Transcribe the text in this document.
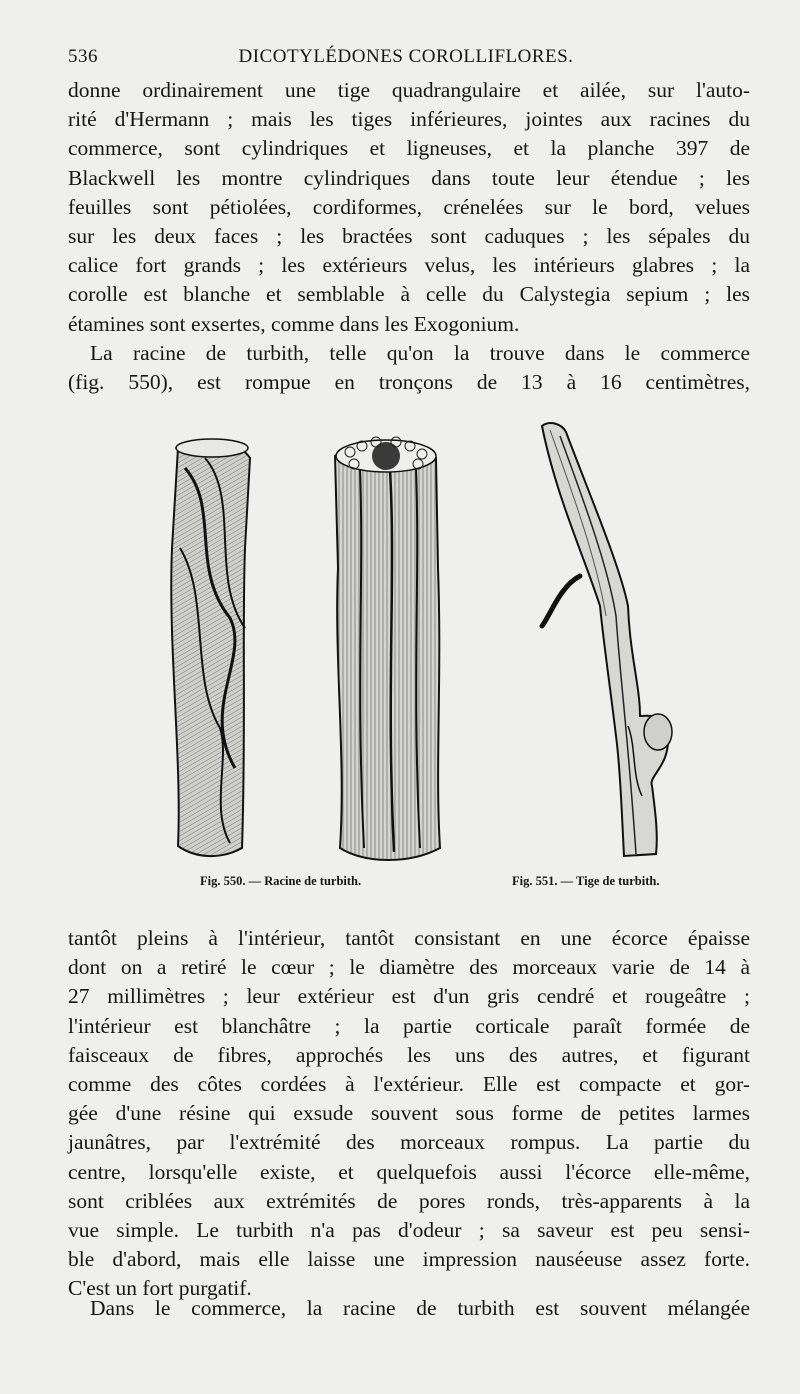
536	DICOTYLÉDONES COROLLIFLORES.

donne ordinairement une tige quadrangulaire et ailée, sur l'auto-
rité d'Hermann ; mais les tiges inférieures, jointes aux racines du
commerce, sont cylindriques et ligneuses, et la planche 397 de
Blackwell les montre cylindriques dans toute leur étendue ; les
feuilles sont pétiolées, cordiformes, crénelées sur le bord, velues
sur les deux faces ; les bractées sont caduques ; les sépales du
calice fort grands ; les extérieurs velus, les intérieurs glabres ; la
corolle est blanche et semblable à celle du Calystegia sepium ; les
étamines sont exsertes, comme dans les Exogonium.

La racine de turbith, telle qu'on la trouve dans le commerce
(fig. 550), est rompue en tronçons de 13 à 16 centimètres,

Fig. 550. — Racine de turbith.	Fig. 551. — Tige de turbith.

tantôt pleins à l'intérieur, tantôt consistant en une écorce épaisse
dont on a retiré le cœur ; le diamètre des morceaux varie de 14 à
27 millimètres ; leur extérieur est d'un gris cendré et rougeâtre ;
l'intérieur est blanchâtre ; la partie corticale paraît formée de
faisceaux de fibres, approchés les uns des autres, et figurant
comme des côtes cordées à l'extérieur. Elle est compacte et gor-
gée d'une résine qui exsude souvent sous forme de petites larmes
jaunâtres, par l'extrémité des morceaux rompus. La partie du
centre, lorsqu'elle existe, et quelquefois aussi l'écorce elle-même,
sont criblées aux extrémités de pores ronds, très-apparents à la
vue simple. Le turbith n'a pas d'odeur ; sa saveur est peu sensi-
ble d'abord, mais elle laisse une impression nauséeuse assez forte.
C'est un fort purgatif.

Dans le commerce, la racine de turbith est souvent mélangée
